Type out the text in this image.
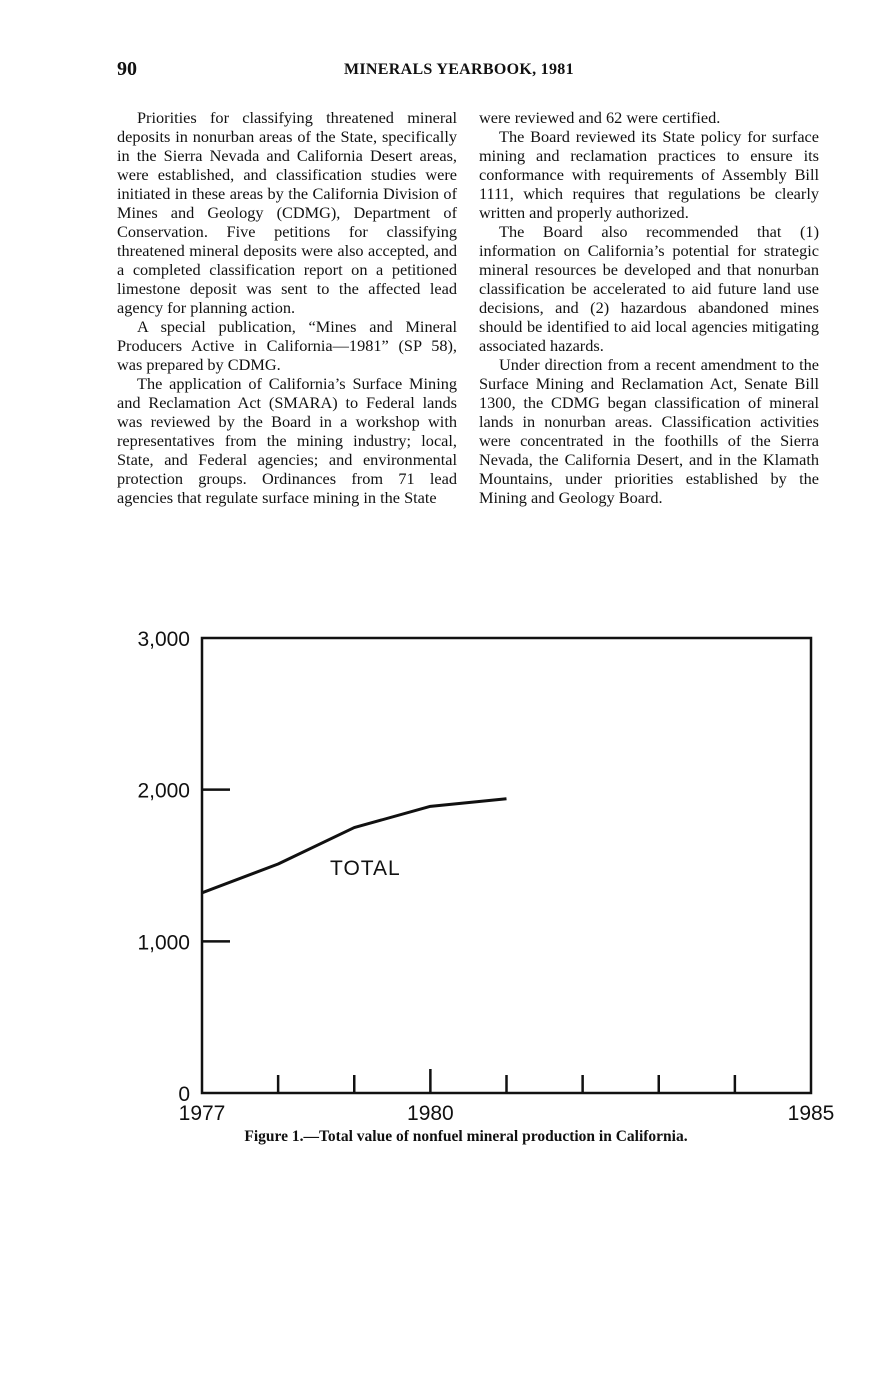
90	MINERALS YEARBOOK, 1981

Priorities for classifying threatened mineral deposits in nonurban areas of the State, specifically in the Sierra Nevada and California Desert areas, were established, and classification studies were initiated in these areas by the California Division of Mines and Geology (CDMG), Department of Conservation. Five petitions for classifying threatened mineral deposits were also accepted, and a completed classification report on a petitioned limestone deposit was sent to the affected lead agency for planning action.

A special publication, “Mines and Mineral Producers Active in California—1981” (SP 58), was prepared by CDMG.

The application of California’s Surface Mining and Reclamation Act (SMARA) to Federal lands was reviewed by the Board in a workshop with representatives from the mining industry; local, State, and Federal agencies; and environmental protection groups. Ordinances from 71 lead agencies that regulate surface mining in the State

were reviewed and 62 were certified.

The Board reviewed its State policy for surface mining and reclamation practices to ensure its conformance with requirements of Assembly Bill 1111, which requires that regulations be clearly written and properly authorized.

The Board also recommended that (1) information on California’s potential for strategic mineral resources be developed and that nonurban classification be accelerated to aid future land use decisions, and (2) hazardous abandoned mines should be identified to aid local agencies mitigating associated hazards.

Under direction from a recent amendment to the Surface Mining and Reclamation Act, Senate Bill 1300, the CDMG began classification of mineral lands in nonurban areas. Classification activities were concentrated in the foothills of the Sierra Nevada, the California Desert, and in the Klamath Mountains, under priorities established by the Mining and Geology Board.

0
1,000
2,000
3,000
1977	1980	1985
TOTAL
Figure 1.—Total value of nonfuel mineral production in California.
